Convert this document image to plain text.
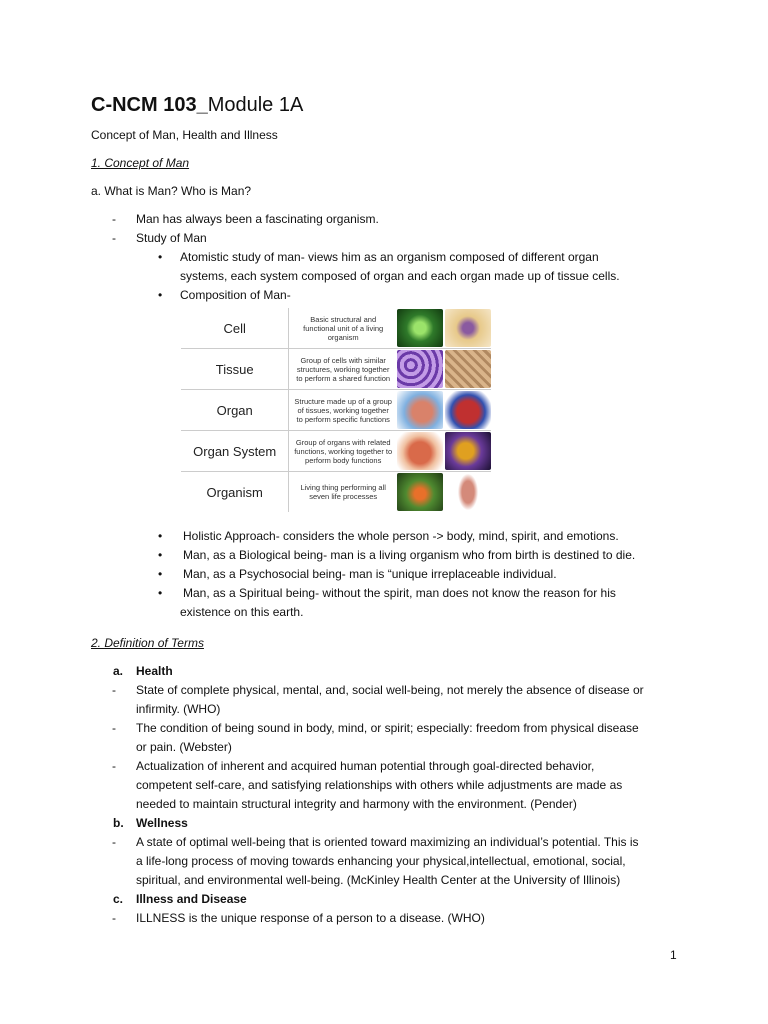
C-NCM 103_Module 1A
Concept of Man, Health and Illness
1. Concept of Man
a. What is Man? Who is Man?
- Man has always been a fascinating organism.
- Study of Man
• Atomistic study of man- views him as an organism composed of different organ
systems, each system composed of organ and each organ made up of tissue cells.
• Composition of Man-
• Holistic Approach- considers the whole person -> body, mind, spirit, and emotions.
• Man, as a Biological being- man is a living organism who from birth is destined to die.
• Man, as a Psychosocial being- man is “unique irreplaceable individual.
• Man, as a Spiritual being- without the spirit, man does not know the reason for his
existence on this earth.
2. Definition of Terms
a. Health
- State of complete physical, mental, and, social well-being, not merely the absence of disease or
infirmity. (WHO)
- The condition of being sound in body, mind, or spirit; especially: freedom from physical disease
or pain. (Webster)
- Actualization of inherent and acquired human potential through goal-directed behavior,
competent self-care, and satisfying relationships with others while adjustments are made as
needed to maintain structural integrity and harmony with the environment. (Pender)
b. Wellness
- A state of optimal well-being that is oriented toward maximizing an individual’s potential. This is
a life-long process of moving towards enhancing your physical,intellectual, emotional, social,
spiritual, and environmental well-being. (McKinley Health Center at the University of Illinois)
c. Illness and Disease
- ILLNESS is the unique response of a person to a disease. (WHO)
Cell
Basic structural and functional unit of a living organism
Tissue
Group of cells with similar structures, working together to perform a shared function
Organ
Structure made up of a group of tissues, working together to perform specific functions
Organ System
Group of organs with related functions, working together to perform body functions
Organism	Living thing performing all seven life processes
1
